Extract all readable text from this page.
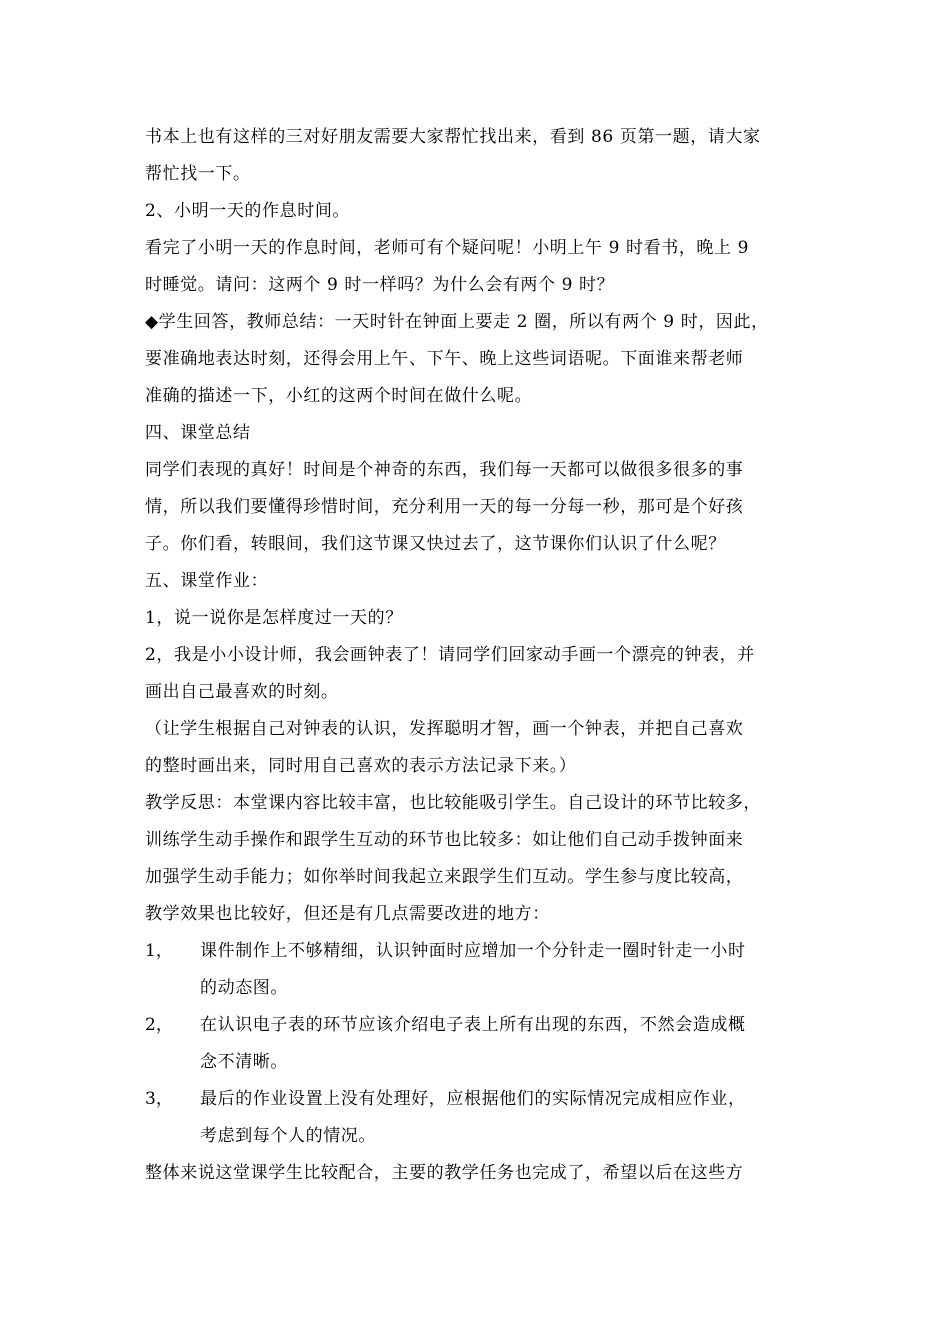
书本上也有这样的三对好朋友需要大家帮忙找出来，看到 86 页第一题，请大家
帮忙找一下。
2、小明一天的作息时间。
看完了小明一天的作息时间，老师可有个疑问呢！小明上午 9 时看书，晚上 9
时睡觉。请问：这两个 9 时一样吗？为什么会有两个 9 时？
◆学生回答，教师总结：一天时针在钟面上要走 2 圈，所以有两个 9 时，因此，
要准确地表达时刻，还得会用上午、下午、晚上这些词语呢。下面谁来帮老师
准确的描述一下，小红的这两个时间在做什么呢。
四、课堂总结
同学们表现的真好！时间是个神奇的东西，我们每一天都可以做很多很多的事
情，所以我们要懂得珍惜时间，充分利用一天的每一分每一秒，那可是个好孩
子。你们看，转眼间，我们这节课又快过去了，这节课你们认识了什么呢？
五、课堂作业：
1，说一说你是怎样度过一天的？
2，我是小小设计师，我会画钟表了！请同学们回家动手画一个漂亮的钟表，并
画出自己最喜欢的时刻。
（让学生根据自己对钟表的认识，发挥聪明才智，画一个钟表，并把自己喜欢
的整时画出来，同时用自己喜欢的表示方法记录下来。）
教学反思：本堂课内容比较丰富，也比较能吸引学生。自己设计的环节比较多，
训练学生动手操作和跟学生互动的环节也比较多：如让他们自己动手拨钟面来
加强学生动手能力；如你举时间我起立来跟学生们互动。学生参与度比较高，
教学效果也比较好，但还是有几点需要改进的地方：
1， 课件制作上不够精细，认识钟面时应增加一个分针走一圈时针走一小时
的动态图。
2， 在认识电子表的环节应该介绍电子表上所有出现的东西，不然会造成概
念不清晰。
3， 最后的作业设置上没有处理好，应根据他们的实际情况完成相应作业，
考虑到每个人的情况。
整体来说这堂课学生比较配合，主要的教学任务也完成了，希望以后在这些方
